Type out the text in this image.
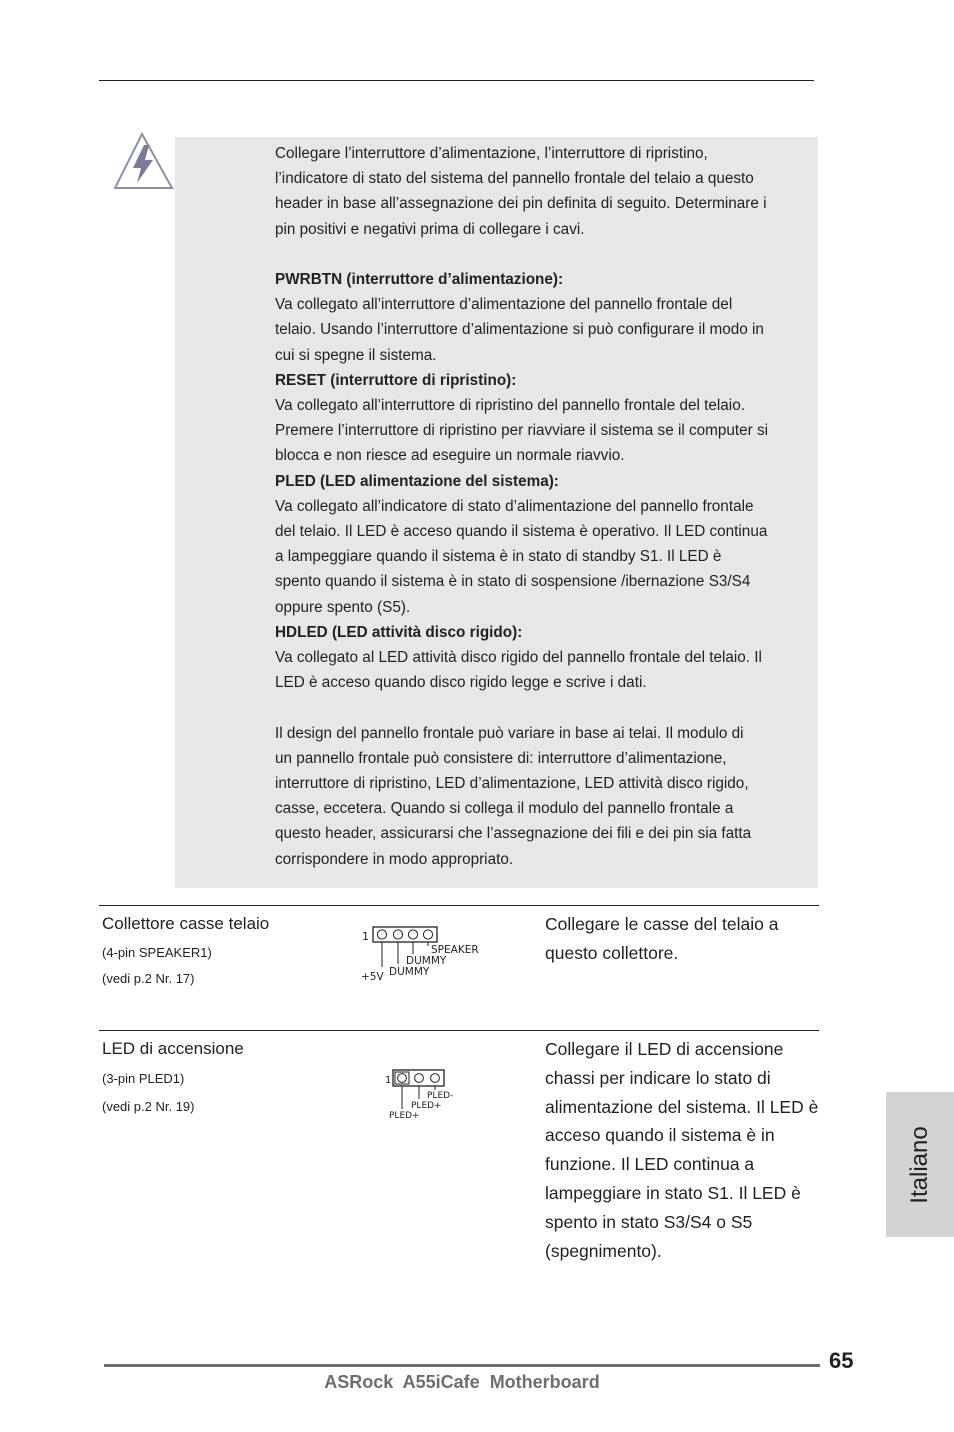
Collegare l’interruttore d’alimentazione, l’interruttore di ripristino,

l’indicatore di stato del sistema del pannello frontale del telaio a questo

header in base all’assegnazione dei pin definita di seguito. Determinare i

pin positivi e negativi prima di collegare i cavi.

PWRBTN (interruttore d’alimentazione):

Va collegato all’interruttore d’alimentazione del pannello frontale del

telaio. Usando l’interruttore d’alimentazione si può configurare il modo in

cui si spegne il sistema.

RESET (interruttore di ripristino):

Va collegato all’interruttore di ripristino del pannello frontale del telaio.

Premere l’interruttore di ripristino per riavviare il sistema se il computer si

blocca e non riesce ad eseguire un normale riavvio.

PLED (LED alimentazione del sistema):

Va collegato all’indicatore di stato d’alimentazione del pannello frontale

del telaio. Il LED è acceso quando il sistema è operativo. Il LED continua

a lampeggiare quando il sistema è in stato di standby S1. Il LED è

spento quando il sistema è in stato di sospensione /ibernazione S3/S4

oppure spento (S5).

HDLED (LED attività disco rigido):

Va collegato al LED attività disco rigido del pannello frontale del telaio. Il

LED è acceso quando disco rigido legge e scrive i dati.

Il design del pannello frontale può variare in base ai telai. Il modulo di

un pannello frontale può consistere di: interruttore d’alimentazione,

interruttore di ripristino, LED d’alimentazione, LED attività disco rigido,

casse, eccetera. Quando si collega il modulo del pannello frontale a

questo header, assicurarsi che l’assegnazione dei fili e dei pin sia fatta

corrispondere in modo appropriato.

Collettore casse telaio
(4-pin SPEAKER1)
(vedi p.2 Nr. 17)
Collegare le casse del telaio a questo collettore.
1
SPEAKER
DUMMY
DUMMY
+5V
LED di accensione
(3-pin PLED1)
(vedi p.2 Nr. 19)
Collegare il LED di accensione chassi per indicare lo stato di alimentazione del sistema. Il LED è acceso quando il sistema è in funzione. Il LED continua a lampeggiare in stato S1. Il LED è spento in stato S3/S4 o S5 (spegnimento).
1
PLED-
PLED+
PLED+
Italiano
65
ASRock  A55iCafe  Motherboard
